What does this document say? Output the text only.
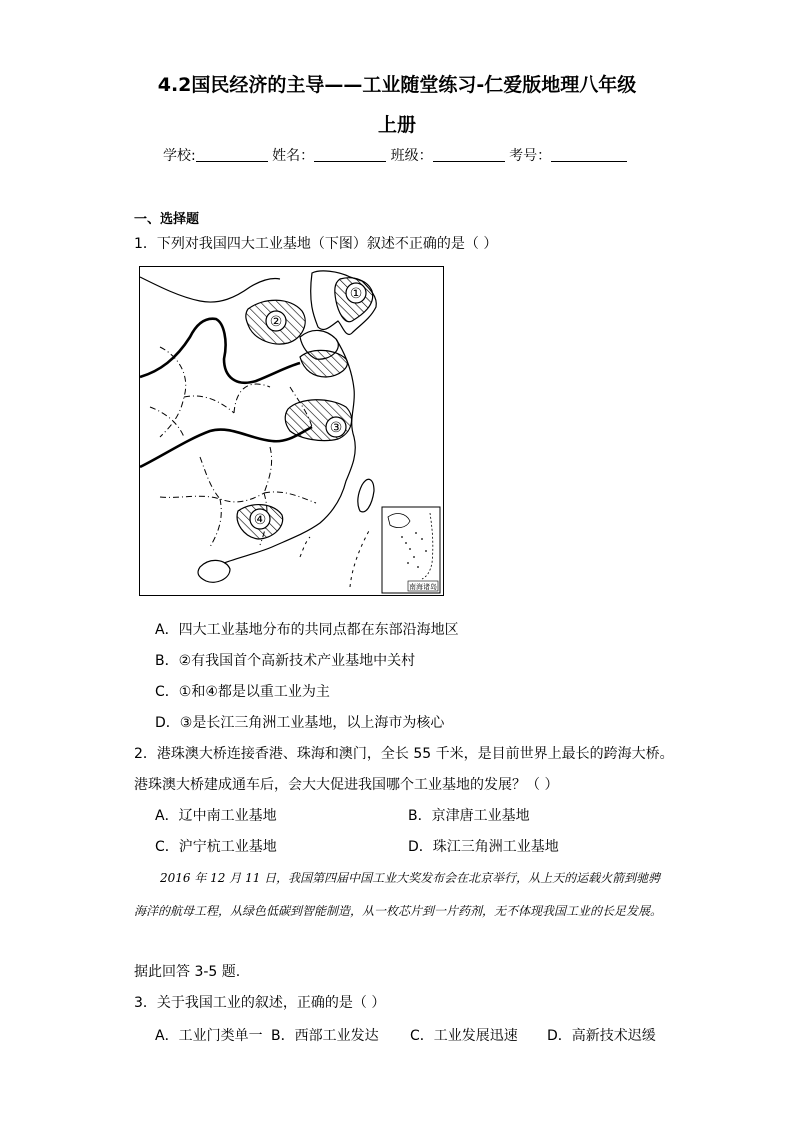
4.2国民经济的主导——工业随堂练习-仁爱版地理八年级
上册
学校:	姓名：	班级：	考号：
一、选择题
1．下列对我国四大工业基地（下图）叙述不正确的是（ ）
①
②
③
④
南海诸岛
A．四大工业基地分布的共同点都在东部沿海地区
B．②有我国首个高新技术产业基地中关村
C．①和④都是以重工业为主
D．③是长江三角洲工业基地，以上海市为核心
2．港珠澳大桥连接香港、珠海和澳门，全长 55 千米，是目前世界上最长的跨海大桥。
港珠澳大桥建成通车后，会大大促进我国哪个工业基地的发展？（ ）
A．辽中南工业基地	B．京津唐工业基地
C．沪宁杭工业基地	D．珠江三角洲工业基地
2016 年 12 月 11 日，我国第四届中国工业大奖发布会在北京举行，从上天的运载火箭到驰骋海洋的航母工程，从绿色低碳到智能制造，从一枚芯片到一片药剂，无不体现我国工业的长足发展。
据此回答 3-5 题.
3．关于我国工业的叙述，正确的是（ ）
A．工业门类单一 B．西部工业发达 C．工业发展迅速 D．高新技术迟缓
